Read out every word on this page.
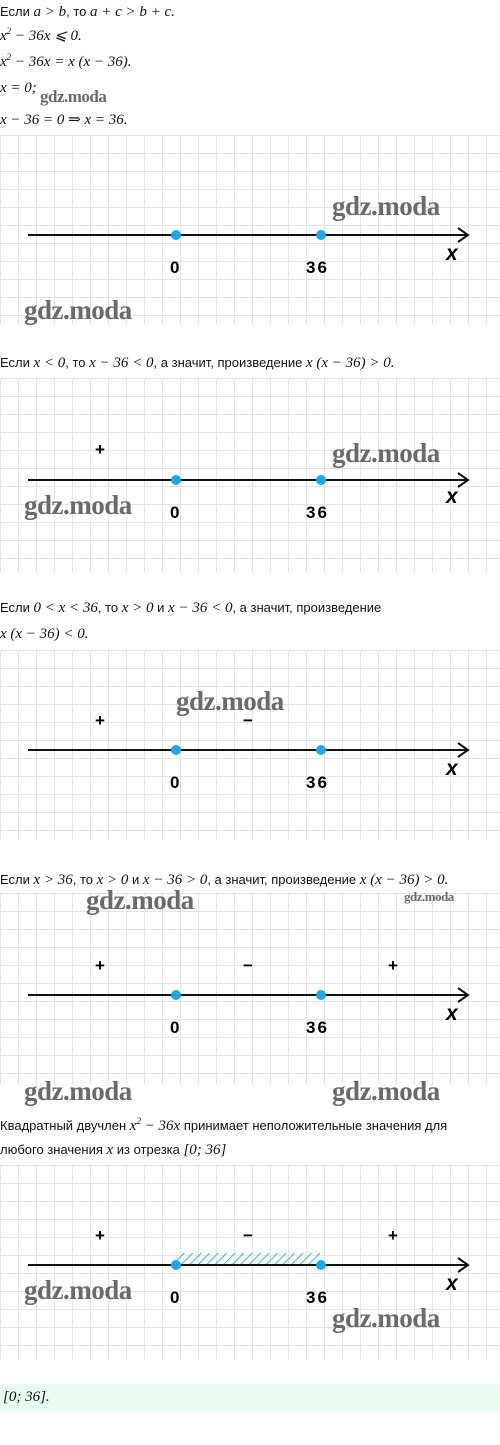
Если a > b, то a + c > b + c.
$x^2 - 36x$ ⩽ 0.
$x^2 - 36x = x$ (x − 36).
x = 0;
x − 36 = 0 ⇒ x = 36.
gdz.moda
0	36
x
gdz.moda
gdz.moda
Если x < 0, то x − 36 < 0, а значит, произведение x (x − 36) > 0.
+
0	36
x
gdz.moda
gdz.moda
Если 0 < x < 36, то x > 0 и x − 36 < 0, а значит, произведение
x (x − 36) < 0.
+	−
0	36
x
gdz.moda
Если x > 36, то x > 0 и x − 36 > 0, а значит, произведение x (x − 36) > 0.
+	−	+
0	36
x
gdz.moda	gdz.moda
gdz.moda	gdz.moda
Квадратный двучлен $x^2 - 36x$ принимает неположительные значения для
любого значения x из отрезка [0; 36]
+	−	+
0	36
x
gdz.moda
gdz.moda
[0; 36].
